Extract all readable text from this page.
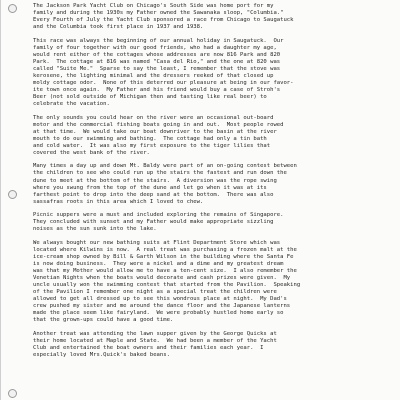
The Jackson Park Yacht Club on Chicago's South Side was home port for my
family and during the 1930s my Father owned the Sawanaka sloop, "Columbia."
Every Fourth of July the Yacht Club sponsored a race from Chicago to Saugatuck
and the Columbia took first place in 1937 and 1938.
This race was always the beginning of our annual holiday in Saugatuck.  Our
family of four together with our good friends, who had a daughter my age,
would rent either of the cottages whose addresses are now 816 Park and 820
Park.  The cottage at 816 was named "Casa del Rio," and the one at 820 was
called "Suite Me."  Sparse to say the least, I remember that the stove was
kerosene, the lighting minimal and the dressers reeked of that closed up
moldy cottage odor.  None of this deterred our pleasure at being in our favor-
ite town once again.  My Father and his friend would buy a case of Stroh's
Beer (not sold outside of Michigan then and tasting like real beer) to
celebrate the vacation.
The only sounds you could hear on the river were an occasional out-board
motor and the commercial fishing boats going in and out.  Most people rowed
at that time.  We would take our boat downriver to the basin at the river
mouth to do our swimming and bathing.  The cottage had only a tin bath
and cold water.  It was also my first exposure to the tiger lilies that
covered the west bank of the river.
Many times a day up and down Mt. Baldy were part of an on-going contest between
the children to see who could run up the stairs the fastest and run down the
dune to meet at the bottom of the stairs.  A diversion was the rope swing
where you swung from the top of the dune and let go when it was at its
farthest point to drop into the deep sand at the bottom.  There was also
sassafras roots in this area which I loved to chew.
Picnic suppers were a must and included exploring the remains of Singapore.
They concluded with sunset and my Father would make appropriate sizzling
noises as the sun sunk into the lake.
We always bought our new bathing suits at Flint Department Store which was
located where Kilwins is now.  A real treat was purchasing a frozen malt at the
ice-cream shop owned by Bill & Garth Wilson in the building where the Santa Fe
is now doing business.  They were a nickel and a dime and my greatest dream
was that my Mother would allow me to have a ten-cent size.  I also remember the
Venetian Nights when the boats would decorate and cash prizes were given.  My
uncle usually won the swimming contest that started from the Pavilion.  Speaking
of the Pavilion I remember one night as a special treat the children were
allowed to get all dressed up to see this wondrous place at night.  My Dad's
crew pushed my sister and me around the dance floor and the Japanese lanterns
made the place seem like fairyland.  We were probably hustled home early so
that the grown-ups could have a good time.
Another treat was attending the lawn supper given by the George Quicks at
their home located at Maple and State.  We had been a member of the Yacht
Club and entertained the boat owners and their families each year.  I
especially loved Mrs.Quick's baked beans.
